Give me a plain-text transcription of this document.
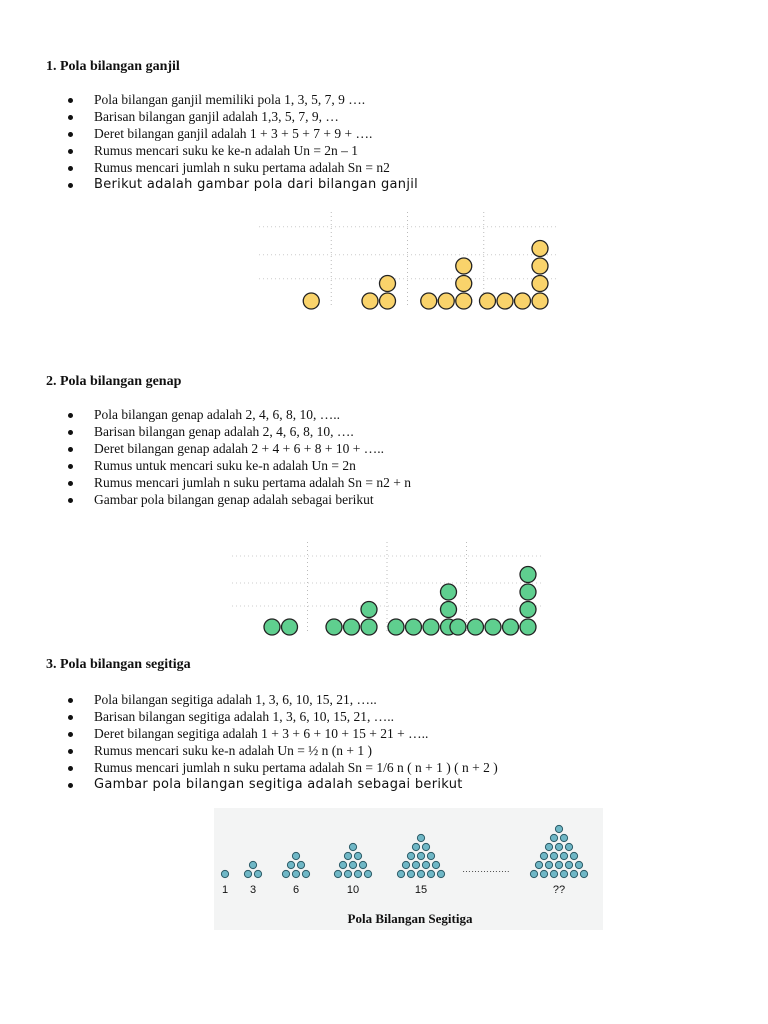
1. Pola bilangan ganjil

Pola bilangan ganjil memiliki pola 1, 3, 5, 7, 9 ….
Barisan bilangan ganjil adalah 1,3, 5, 7, 9, …
Deret bilangan ganjil adalah 1 + 3 + 5 + 7 + 9 + ….
Rumus mencari suku ke ke-n adalah Un = 2n – 1
Rumus mencari jumlah n suku pertama adalah Sn = n2
Berikut adalah gambar pola dari bilangan ganjil

2. Pola bilangan genap

Pola bilangan genap adalah 2, 4, 6, 8, 10, …..
Barisan bilangan genap adalah 2, 4, 6, 8, 10, ….
Deret bilangan genap adalah 2 + 4 + 6 + 8 + 10 + …..
Rumus untuk mencari suku ke-n adalah Un = 2n
Rumus mencari jumlah n suku pertama adalah Sn = n2 + n
Gambar pola bilangan genap adalah sebagai berikut

3. Pola bilangan segitiga

Pola bilangan segitiga adalah 1, 3, 6, 10, 15, 21, …..
Barisan bilangan segitiga adalah 1, 3, 6, 10, 15, 21, …..
Deret bilangan segitiga adalah 1 + 3 + 6 + 10 + 15 + 21 + …..
Rumus mencari suku ke-n adalah Un = ½ n (n + 1 )
Rumus mencari jumlah n suku pertama adalah Sn = 1/6 n ( n + 1 ) ( n + 2 )
Gambar pola bilangan segitiga adalah sebagai berikut
1 3	6	10	15	??
…………….
Pola Bilangan Segitiga
